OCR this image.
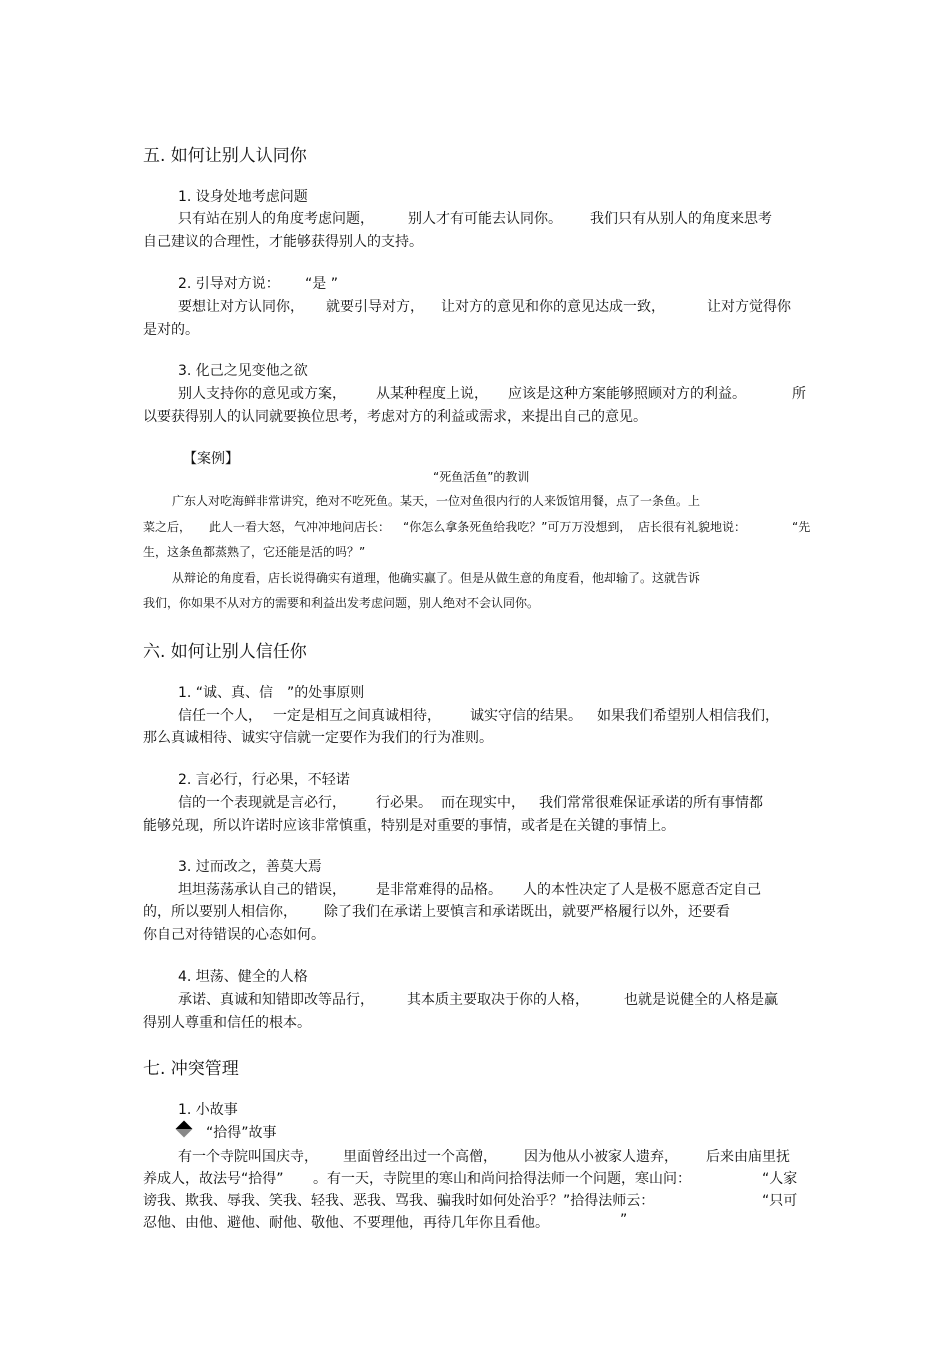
五. 如何让别人认同你
1. 设身处地考虑问题
只有站在别人的角度考虑问题， 别人才有可能去认同你。 我们只有从别人的角度来思考
自己建议的合理性，才能够获得别人的支持。
2. 引导对方说： “是 ”
要想让对方认同你， 就要引导对方， 让对方的意见和你的意见达成一致，	让对方觉得你
是对的。
3. 化己之见变他之欲
别人支持你的意见或方案， 从某种程度上说， 应该是这种方案能够照顾对方的利益。	所
以要获得别人的认同就要换位思考，考虑对方的利益或需求，来提出自己的意见。
【案例】
“死鱼活鱼”的教训
广东人对吃海鲜非常讲究，绝对不吃死鱼。某天，一位对鱼很内行的人来饭馆用餐，点了一条鱼。上
菜之后， 此人一看大怒， 气冲冲地问店长： “你怎么拿条死鱼给我吃？”可万万没想到， 店长很有礼貌地说：	“先
生，这条鱼都蒸熟了，它还能是活的吗？”
从辩论的角度看，店长说得确实有道理，他确实赢了。但是从做生意的角度看，他却输了。这就告诉
我们，你如果不从对方的需要和利益出发考虑问题，别人绝对不会认同你。
六. 如何让别人信任你
1. “诚、真、信 ”的处事原则
信任一个人， 一定是相互之间真诚相待， 诚实守信的结果。 如果我们希望别人相信我们，
那么真诚相待、诚实守信就一定要作为我们的行为准则。
2. 言必行，行必果，不轻诺
信的一个表现就是言必行， 行必果。 而在现实中， 我们常常很难保证承诺的所有事情都
能够兑现，所以许诺时应该非常慎重，特别是对重要的事情，或者是在关键的事情上。
3. 过而改之，善莫大焉
坦坦荡荡承认自己的错误， 是非常难得的品格。 人的本性决定了人是极不愿意否定自己
的，所以要别人相信你， 除了我们在承诺上要慎言和承诺既出，就要严格履行以外，还要看
你自己对待错误的心态如何。
4. 坦荡、健全的人格
承诺、真诚和知错即改等品行， 其本质主要取决于你的人格，	也就是说健全的人格是赢
得别人尊重和信任的根本。
七. 冲突管理
1. 小故事
“拾得”故事
有一个寺院叫国庆寺， 里面曾经出过一个高僧， 因为他从小被家人遗弃， 后来由庙里抚
养成人，故法号“拾得” 。有一天，寺院里的寒山和尚问拾得法师一个问题，寒山问：	“人家
谤我、欺我、辱我、笑我、轻我、恶我、骂我、骗我时如何处治乎？”拾得法师云：	“只可
忍他、由他、避他、耐他、敬他、不要理他，再待几年你且看他。	”
